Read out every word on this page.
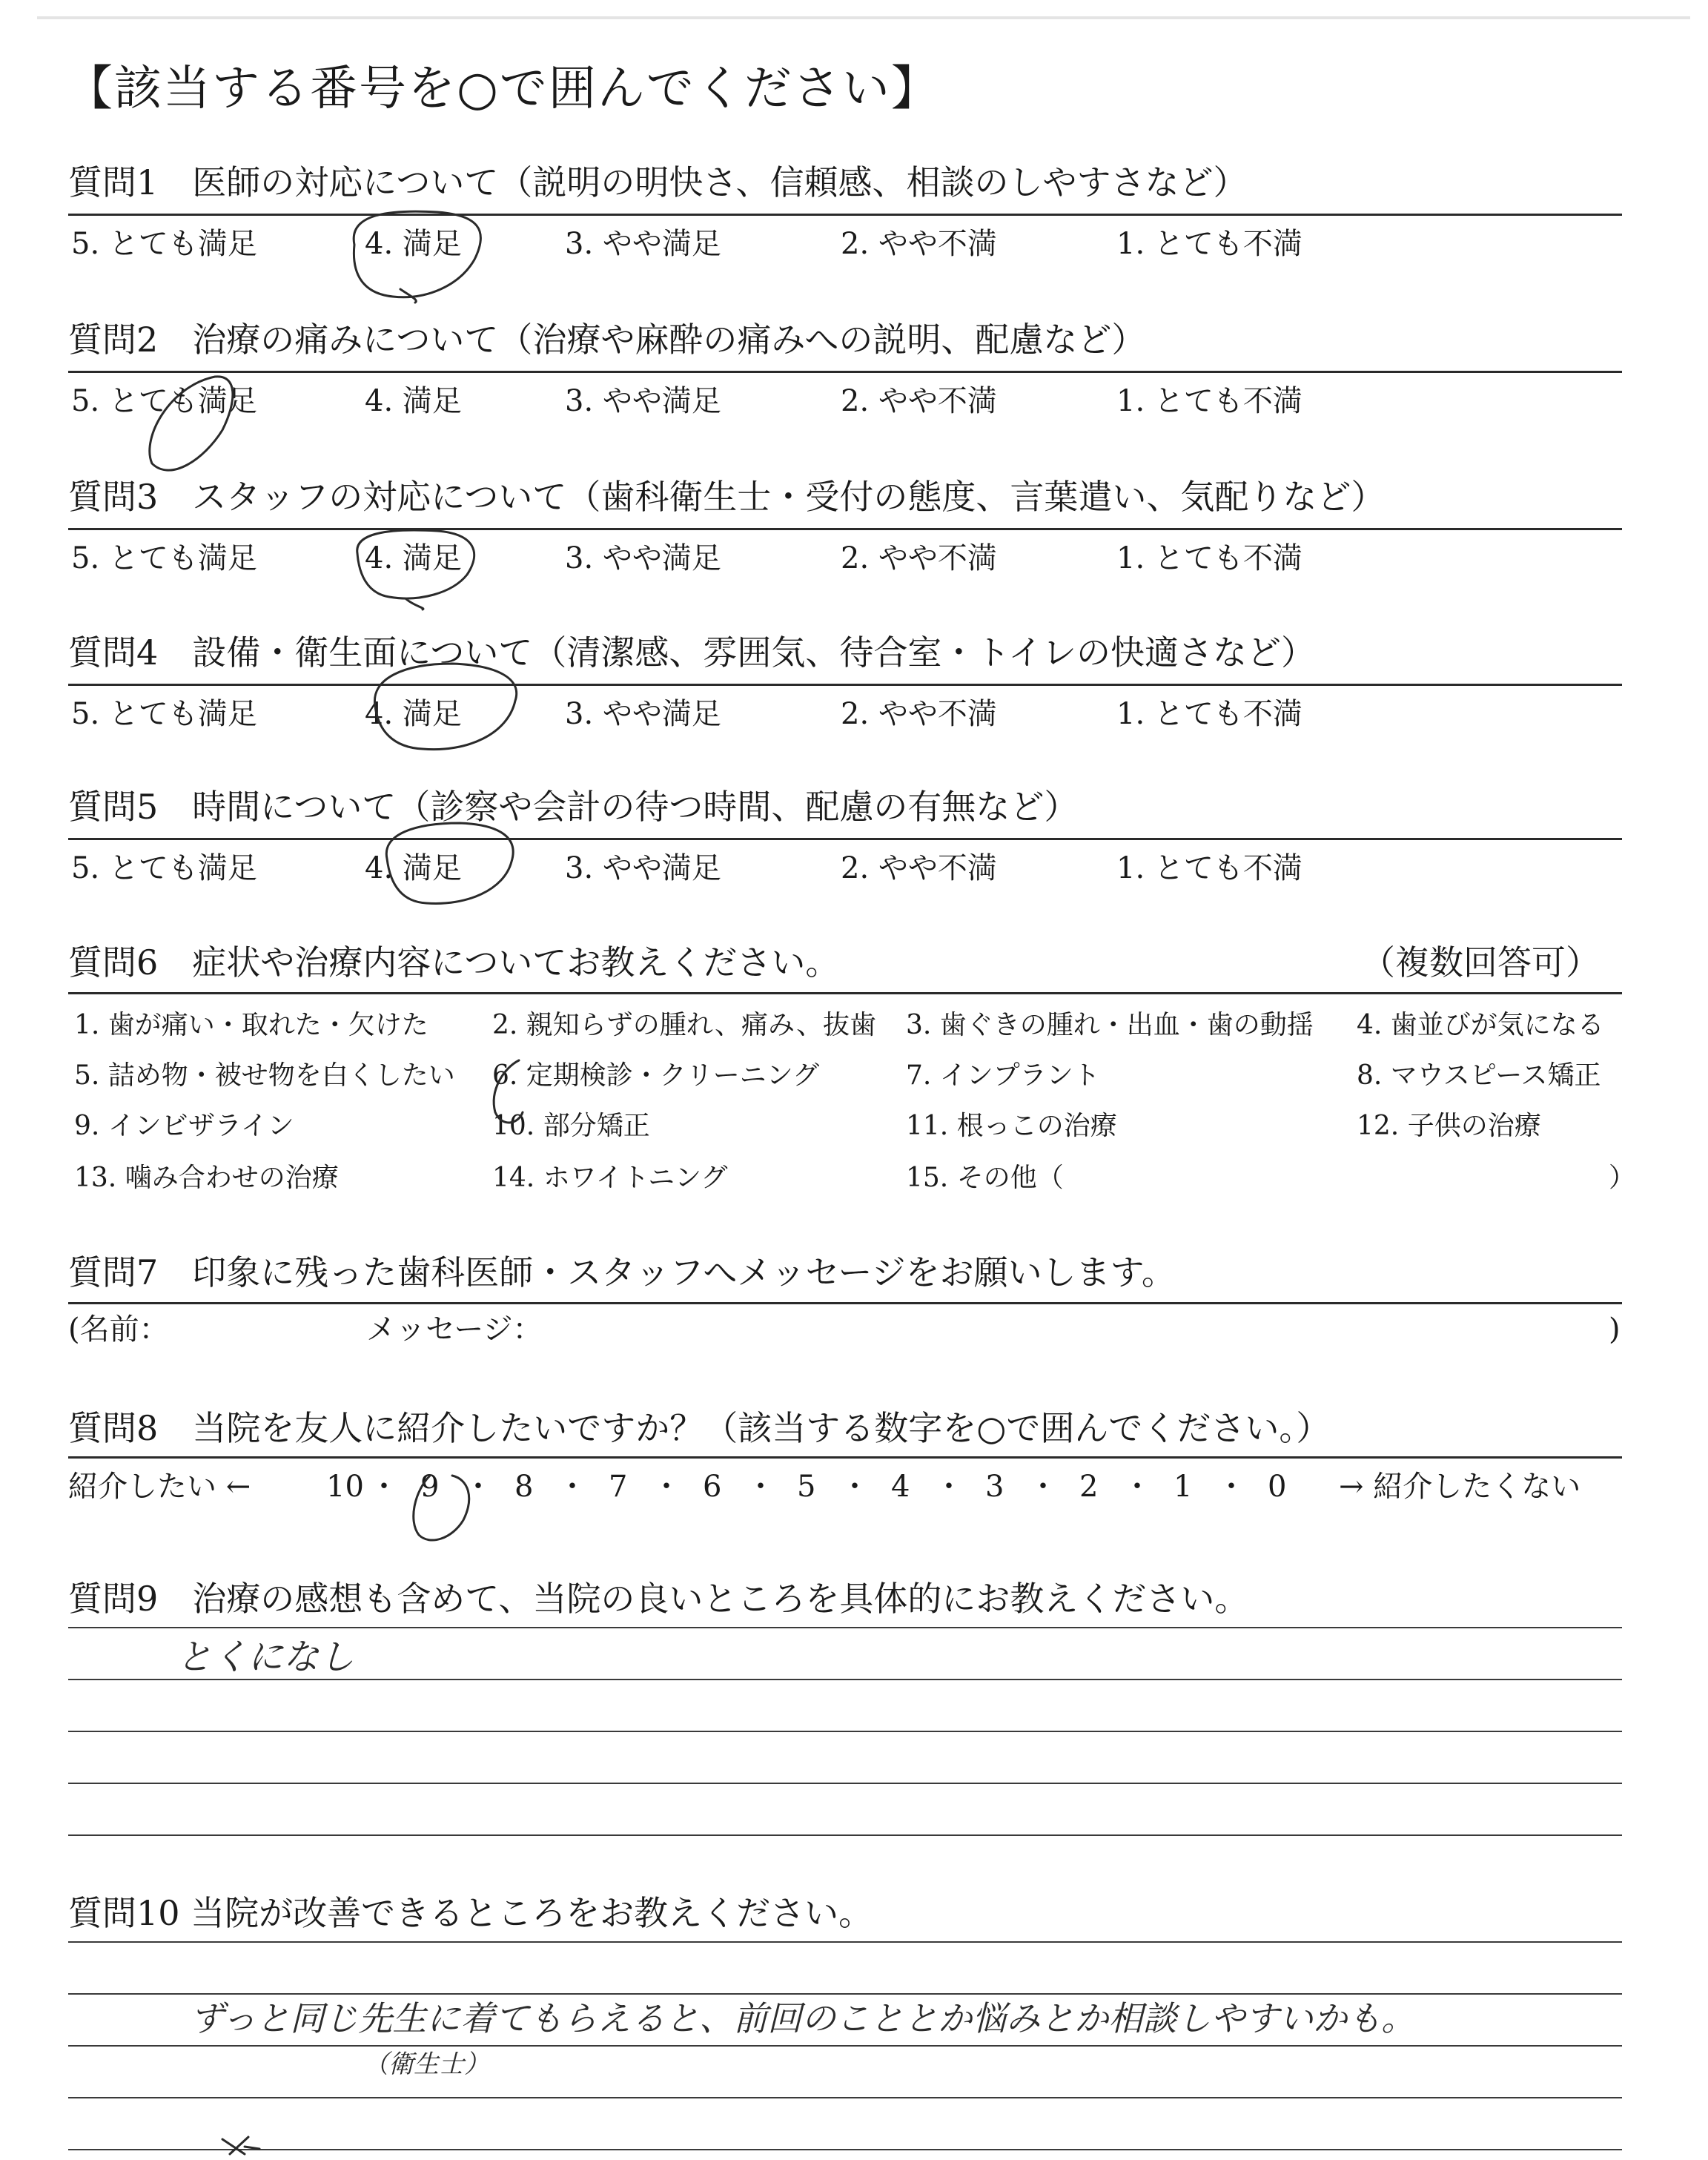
【該当する番号を○で囲んでください】
質問1　医師の対応について（説明の明快さ、信頼感、相談のしやすさなど）
5. とても満足	4. 満足	3. やや満足	2. やや不満	1. とても不満
質問2　治療の痛みについて（治療や麻酔の痛みへの説明、配慮など）
5. とても満足	4. 満足	3. やや満足	2. やや不満	1. とても不満
質問3　スタッフの対応について（歯科衛生士・受付の態度、言葉遣い、気配りなど）
5. とても満足	4. 満足	3. やや満足	2. やや不満	1. とても不満
質問4　設備・衛生面について（清潔感、雰囲気、待合室・トイレの快適さなど）
5. とても満足	4. 満足	3. やや満足	2. やや不満	1. とても不満
質問5　時間について（診察や会計の待つ時間、配慮の有無など）
5. とても満足	4. 満足	3. やや満足	2. やや不満	1. とても不満
質問6　症状や治療内容についてお教えください。	（複数回答可）
1. 歯が痛い・取れた・欠けた 2. 親知らずの腫れ、痛み、抜歯 3. 歯ぐきの腫れ・出血・歯の動揺 4. 歯並びが気になる
5. 詰め物・被せ物を白くしたい 6. 定期検診・クリーニング	7. インプラント	8. マウスピース矯正
9. インビザライン	10. 部分矯正	11. 根っこの治療	12. 子供の治療
13. 噛み合わせの治療	14. ホワイトニング	15. その他（	）
質問7　印象に残った歯科医師・スタッフへメッセージをお願いします。
(名前：	メッセージ：	)
質問8　当院を友人に紹介したいですか？（該当する数字を○で囲んでください。）
紹介したい ←	→ 紹介したくない
10 ・ 9 ・ 8 ・ 7 ・ 6 ・ 5 ・ 4 ・ 3 ・ 2 ・ 1 ・ 0
質問9　治療の感想も含めて、当院の良いところを具体的にお教えください。
とくになし
質問10 当院が改善できるところをお教えください。
ずっと同じ先生に着てもらえると、前回のこととか悩みとか相談しやすいかも。
（衛生士）
